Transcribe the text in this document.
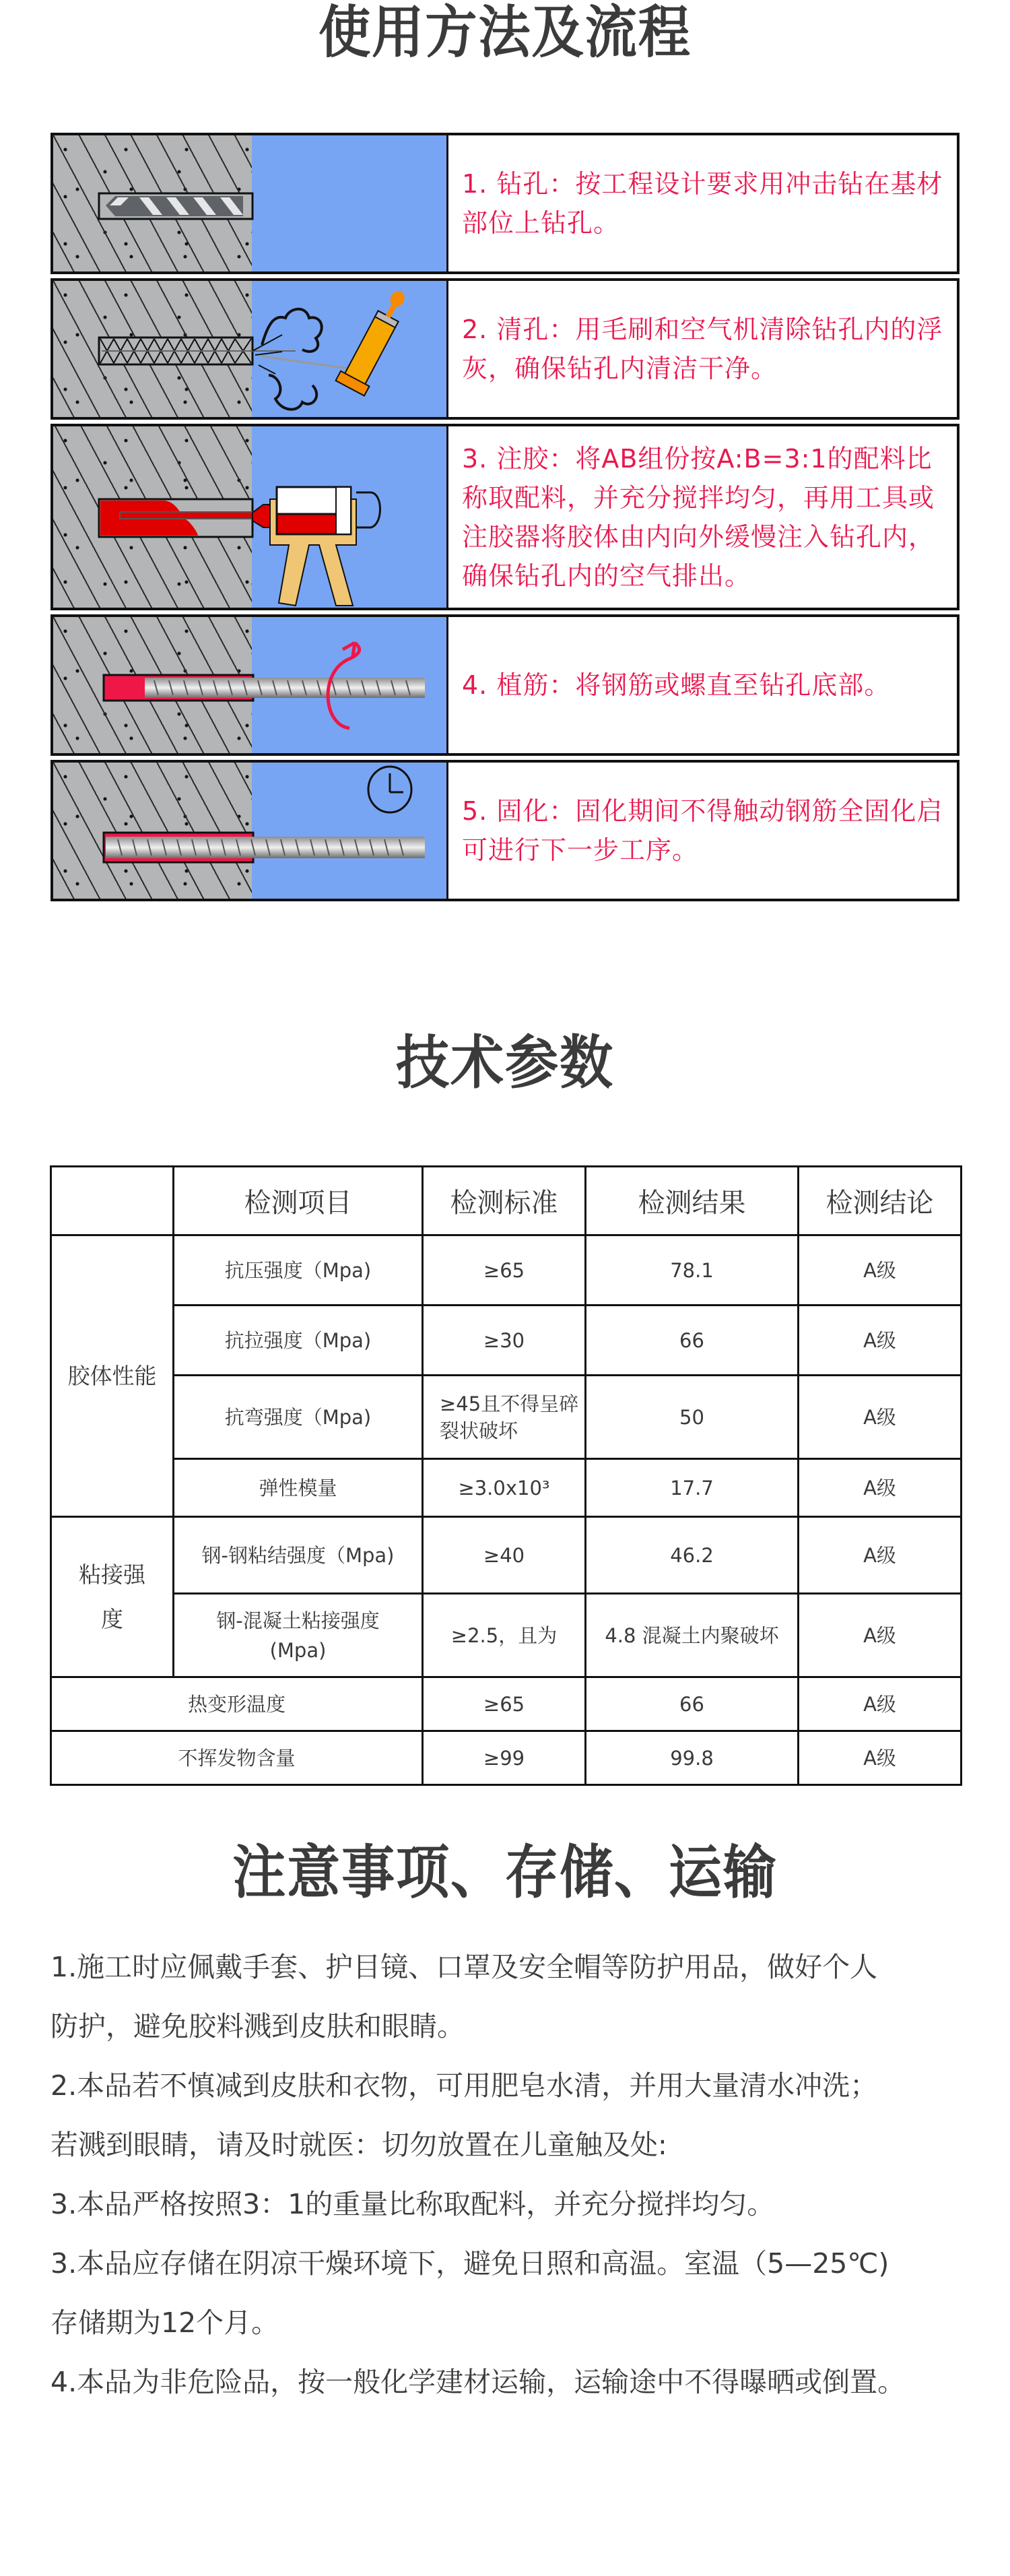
使用方法及流程
1. 钻孔：按工程设计要求用冲击钻在基材部位上钻孔。
2. 清孔：用毛刷和空气机清除钻孔内的浮灰，确保钻孔内清洁干净。
3. 注胶：将AB组份按A:B=3:1的配料比称取配料，并充分搅拌均匀，再用工具或注胶器将胶体由内向外缓慢注入钻孔内，确保钻孔内的空气排出。
4. 植筋：将钢筋或螺直至钻孔底部。
5. 固化：固化期间不得触动钢筋全固化启可进行下一步工序。
技术参数
	检测项目	检测标准	检测结果	检测结论
胶体性能	抗压强度（Mpa)	≥65	78.1	A级
	抗拉强度（Mpa)	≥30	66	A级
	抗弯强度（Mpa)	≥45且不得呈碎裂状破坏	50	A级
	弹性模量	≥3.0x10³	17.7	A级
粘接强度	钢-钢粘结强度（Mpa)	≥40	46.2	A级
	钢-混凝土粘接强度(Mpa)	≥2.5，且为	4.8 混凝土内聚破坏	A级
热变形温度		≥65	66	A级
不挥发物含量		≥99	99.8	A级
注意事项、存储、运输

1.施工时应佩戴手套、护目镜、口罩及安全帽等防护用品，做好个人

防护，避免胶料溅到皮肤和眼睛。

2.本品若不慎减到皮肤和衣物，可用肥皂水清，并用大量清水冲洗；

若溅到眼睛，请及时就医：切勿放置在儿童触及处:

3.本品严格按照3：1的重量比称取配料，并充分搅拌均匀。

3.本品应存储在阴凉干燥环境下，避免日照和高温。室温（5—25℃)

存储期为12个月。

4.本品为非危险品，按一般化学建材运输，运输途中不得曝晒或倒置。
